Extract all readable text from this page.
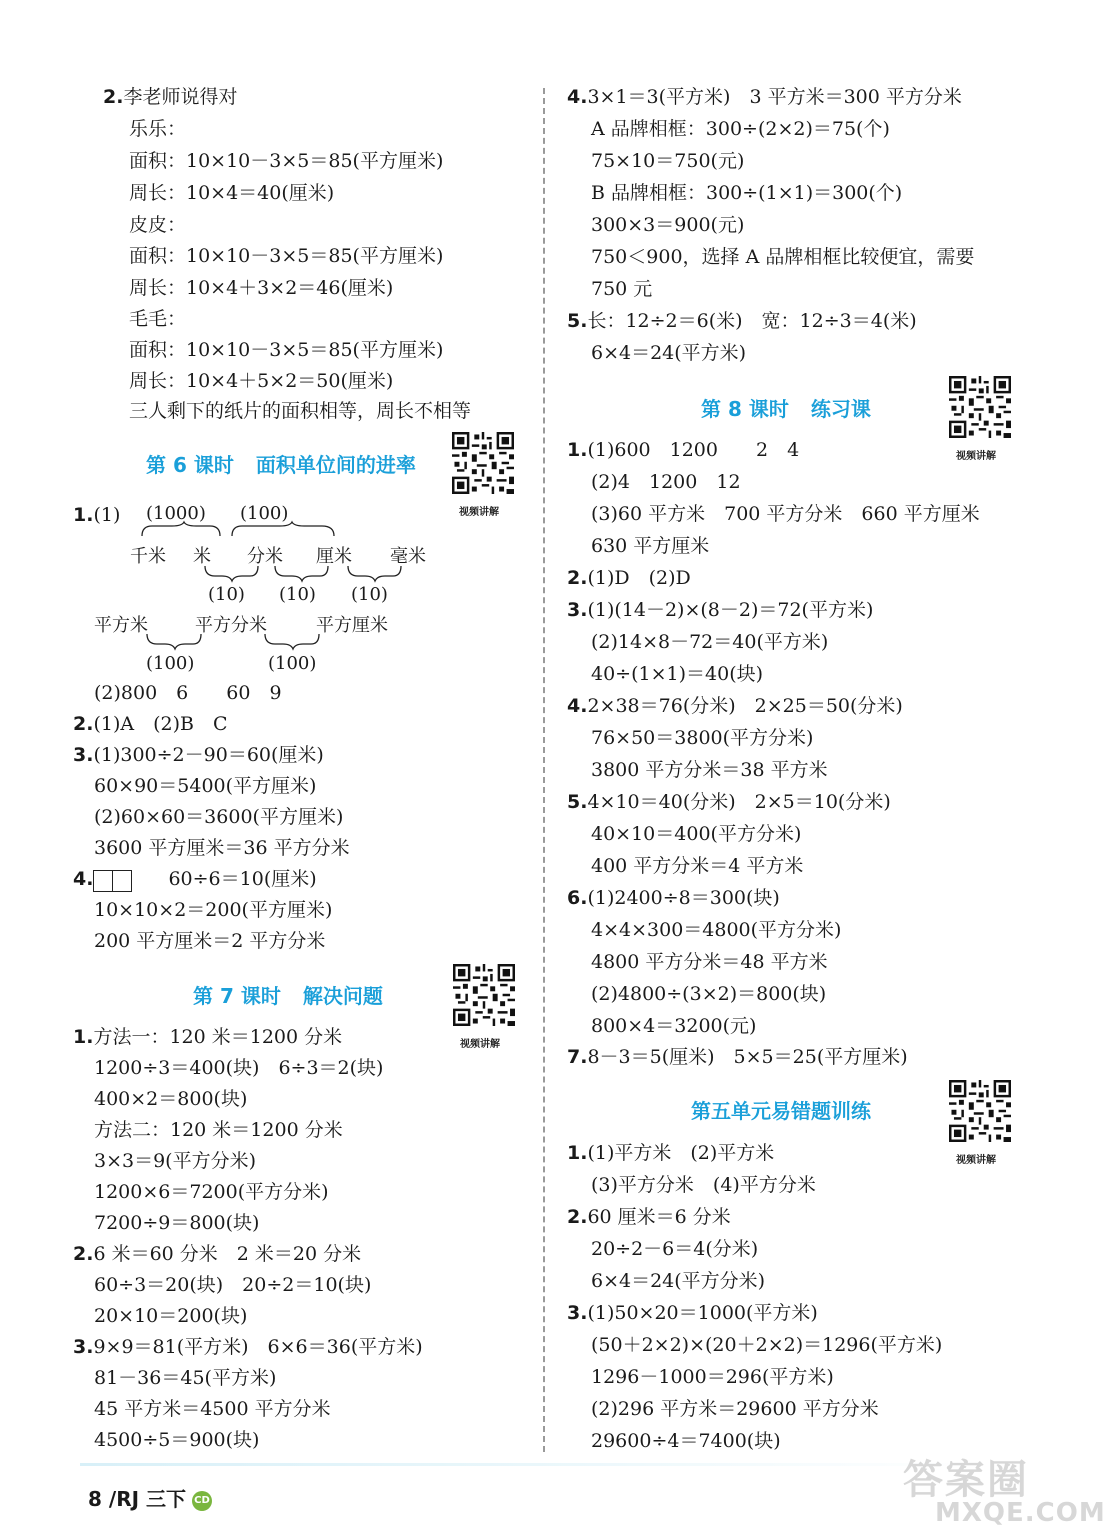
2.李老师说得对
乐乐：
面积：10×10－3×5＝85(平方厘米)
周长：10×4＝40(厘米)
皮皮：
面积：10×10－3×5＝85(平方厘米)
周长：10×4＋3×2＝46(厘米)
毛毛：
面积：10×10－3×5＝85(平方厘米)
周长：10×4＋5×2＝50(厘米)
三人剩下的纸片的面积相等，周长不相等
第 6 课时 面积单位间的进率
视频讲解
1.(1) (1000) (100)
千米 米 分米 厘米 毫米
(10) (10) (10)
平方米	平方分米	平方厘米
(100)	(100)
(2)800　6　　60　9
2.(1)A　(2)B　C
3.(1)300÷2－90＝60(厘米)
60×90＝5400(平方厘米)
(2)60×60＝3600(平方厘米)
3600 平方厘米＝36 平方分米
4.	60÷6＝10(厘米)
10×10×2＝200(平方厘米)
200 平方厘米＝2 平方分米
第 7 课时 解决问题
视频讲解
1.方法一：120 米＝1200 分米
1200÷3＝400(块)　6÷3＝2(块)
400×2＝800(块)
方法二：120 米＝1200 分米
3×3＝9(平方分米)
1200×6＝7200(平方分米)
7200÷9＝800(块)
2.6 米＝60 分米　2 米＝20 分米
60÷3＝20(块)　20÷2＝10(块)
20×10＝200(块)
3.9×9＝81(平方米)　6×6＝36(平方米)
81－36＝45(平方米)
45 平方米＝4500 平方分米
4500÷5＝900(块)
4.3×1＝3(平方米)　3 平方米＝300 平方分米
A 品牌相框：300÷(2×2)＝75(个)
75×10＝750(元)
B 品牌相框：300÷(1×1)＝300(个)
300×3＝900(元)
750＜900，选择 A 品牌相框比较便宜，需要
750 元
5.长：12÷2＝6(米)　宽：12÷3＝4(米)
6×4＝24(平方米)
第 8 课时 练习课
视频讲解
1.(1)600　1200　　2　4
(2)4　1200　12
(3)60 平方米　700 平方分米　660 平方厘米
630 平方厘米
2.(1)D　(2)D
3.(1)(14－2)×(8－2)＝72(平方米)
(2)14×8－72＝40(平方米)
40÷(1×1)＝40(块)
4.2×38＝76(分米)　2×25＝50(分米)
76×50＝3800(平方分米)
3800 平方分米＝38 平方米
5.4×10＝40(分米)　2×5＝10(分米)
40×10＝400(平方分米)
400 平方分米＝4 平方米
6.(1)2400÷8＝300(块)
4×4×300＝4800(平方分米)
4800 平方分米＝48 平方米
(2)4800÷(3×2)＝800(块)
800×4＝3200(元)
7.8－3＝5(厘米)　5×5＝25(平方厘米)
第五单元易错题训练
视频讲解
1.(1)平方米　(2)平方米
(3)平方分米　(4)平方分米
2.60 厘米＝6 分米
20÷2－6＝4(分米)
6×4＝24(平方分米)
3.(1)50×20＝1000(平方米)
(50＋2×2)×(20＋2×2)＝1296(平方米)
1296－1000＝296(平方米)
(2)296 平方米＝29600 平方分米
29600÷4＝7400(块)
8 /RJ 三下 CD	答案圈
MXQE.COM
